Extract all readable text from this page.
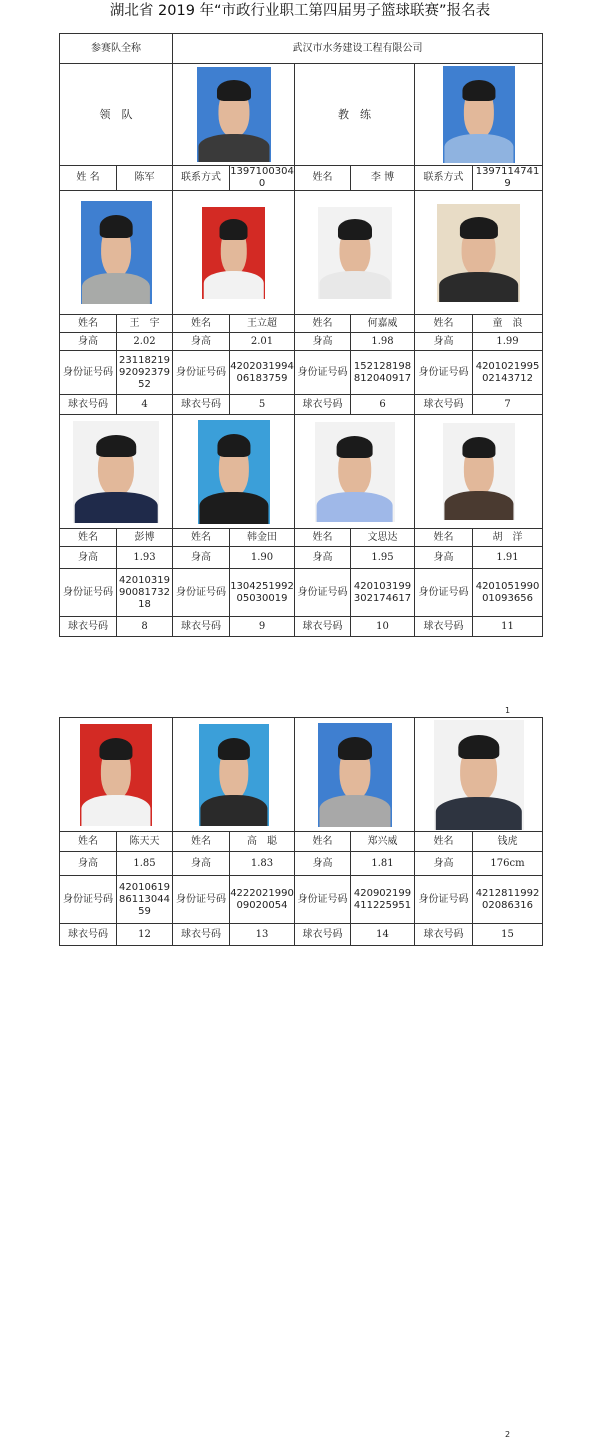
湖北省 2019 年“市政行业职工第四届男子篮球联赛”报名表
参赛队全称		武汉市水务建设工程有限公司					
领　队				教　练			

姓 名	陈军	联系方式	13971003040	姓名	李 博	联系方式	13971147419

姓名	王　宇	姓名	王立超	姓名	何嘉威	姓名	童　浪
身高	2.02	身高	2.01	身高	1.98	身高	1.99
身份证号码	231182199209237952	身份证号码	420203199406183759	身份证号码	152128198812040917	身份证号码	420102199502143712
球衣号码	4	球衣号码	5	球衣号码	6	球衣号码	7

姓名	彭博	姓名	韩金田	姓名	文思达	姓名	胡　洋
身高	1.93	身高	1.90	身高	1.95	身高	1.91
身份证号码	420103199008173218	身份证号码	130425199205030019	身份证号码	420103199302174617	身份证号码	420105199001093656
球衣号码	8	球衣号码	9	球衣号码	10	球衣号码	11
1

姓名	陈天天	姓名	高　聪	姓名	郑兴威	姓名	钱虎
身高	1.85	身高	1.83	身高	1.81	身高	176cm
身份证号码	420106198611304459	身份证号码	422202199009020054	身份证号码	420902199411225951	身份证号码	421281199202086316
球衣号码	12	球衣号码	13	球衣号码	14	球衣号码	15
2
